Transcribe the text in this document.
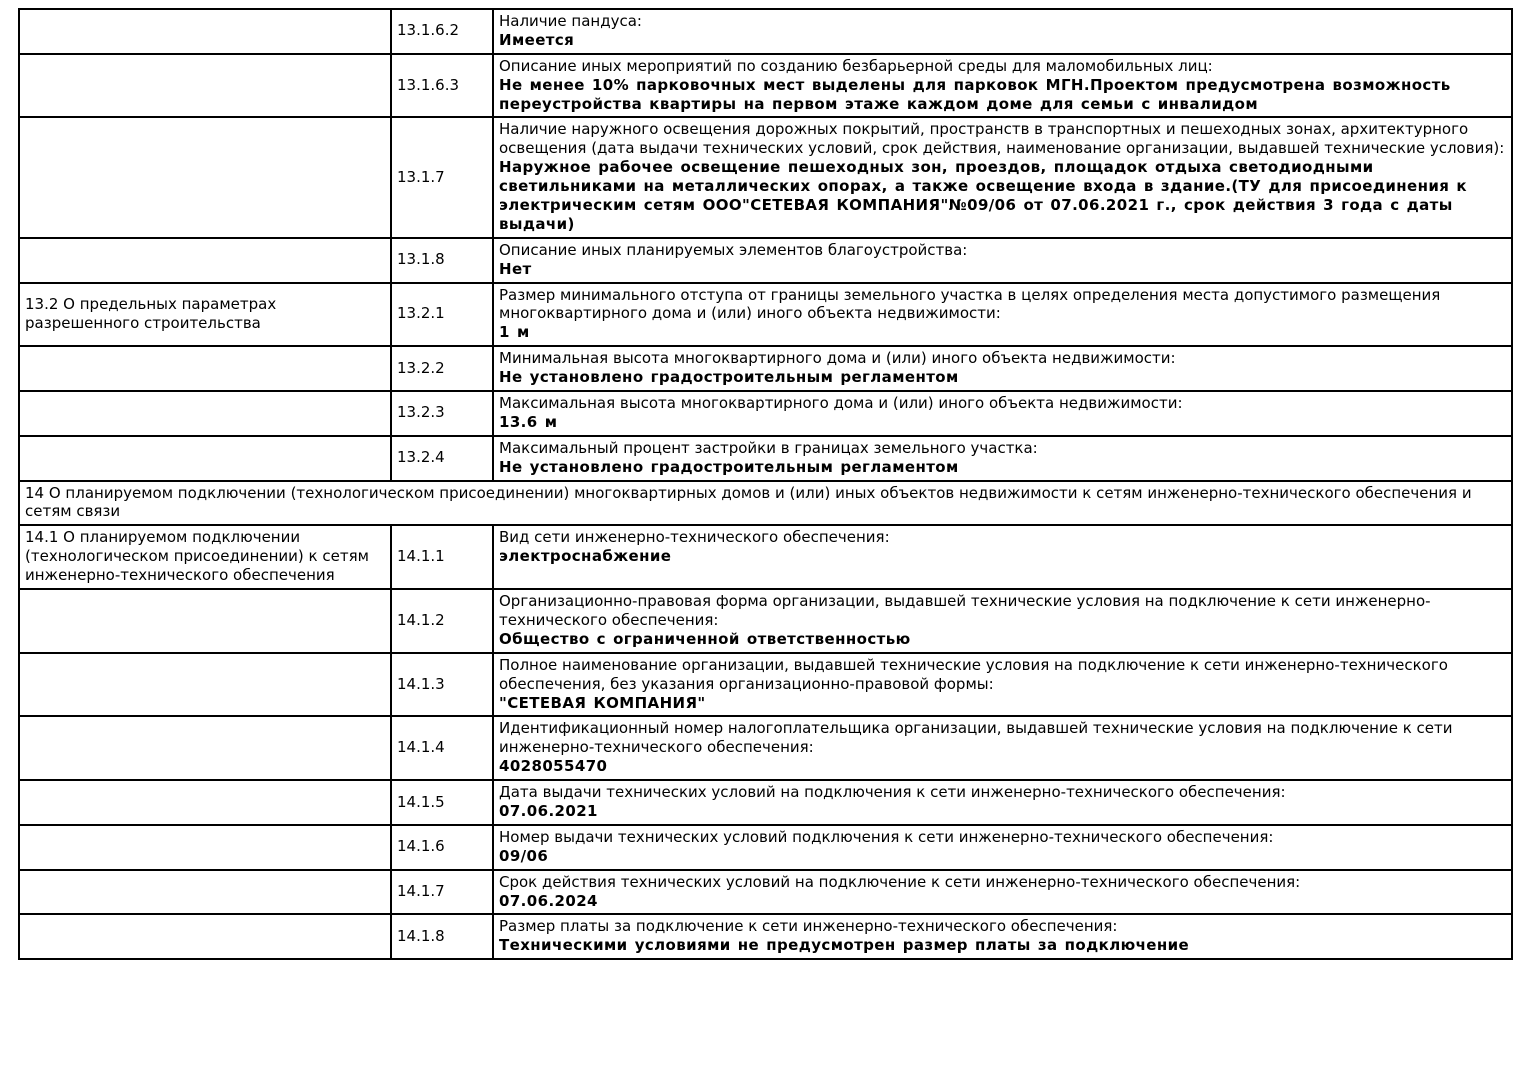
	13.1.6.2	Наличие пандуса:
Имеется

	13.1.6.3	Описание иных мероприятий по созданию безбарьерной среды для маломобильных лиц:
Не менее 10% парковочных мест выделены для парковок МГН.Проектом предусмотрена возможность переустройства квартиры на первом этаже каждом доме для семьи с инвалидом

	13.1.7	Наличие наружного освещения дорожных покрытий, пространств в транспортных и пешеходных зонах, архитектурного освещения (дата выдачи технических условий, срок действия, наименование организации, выдавшей технические условия):
Наружное рабочее освещение пешеходных зон, проездов, площадок отдыха светодиодными светильниками на металлических опорах, а также освещение входа в здание.(ТУ для присоединения к электрическим сетям ООО"СЕТЕВАЯ КОМПАНИЯ"№09/06 от 07.06.2021 г., срок действия 3 года с даты выдачи)

	13.1.8	Описание иных планируемых элементов благоустройства:
Нет

13.2 О предельных параметрах разрешенного строительства	13.2.1	Размер минимального отступа от границы земельного участка в целях определения места допустимого размещения многоквартирного дома и (или) иного объекта недвижимости:
1 м

	13.2.2	Минимальная высота многоквартирного дома и (или) иного объекта недвижимости:
Не установлено градостроительным регламентом

	13.2.3	Максимальная высота многоквартирного дома и (или) иного объекта недвижимости:
13.6 м

	13.2.4	Максимальный процент застройки в границах земельного участка:
Не установлено градостроительным регламентом

14 О планируемом подключении (технологическом присоединении) многоквартирных домов и (или) иных объектов недвижимости к сетям инженерно-технического обеспечения и сетям связи		
14.1 О планируемом подключении (технологическом присоединении) к сетям инженерно-технического обеспечения	14.1.1	Вид сети инженерно-технического обеспечения:
электроснабжение

	14.1.2	Организационно-правовая форма организации, выдавшей технические условия на подключение к сети инженерно-технического обеспечения:
Общество с ограниченной ответственностью

	14.1.3	Полное наименование организации, выдавшей технические условия на подключение к сети инженерно-технического обеспечения, без указания организационно-правовой формы:
"СЕТЕВАЯ КОМПАНИЯ"

	14.1.4	Идентификационный номер налогоплательщика организации, выдавшей технические условия на подключение к сети инженерно-технического обеспечения:
4028055470

	14.1.5	Дата выдачи технических условий на подключения к сети инженерно-технического обеспечения:
07.06.2021

	14.1.6	Номер выдачи технических условий подключения к сети инженерно-технического обеспечения:
09/06

	14.1.7	Срок действия технических условий на подключение к сети инженерно-технического обеспечения:
07.06.2024

	14.1.8	Размер платы за подключение к сети инженерно-технического обеспечения:
Техническими условиями не предусмотрен размер платы за подключение
